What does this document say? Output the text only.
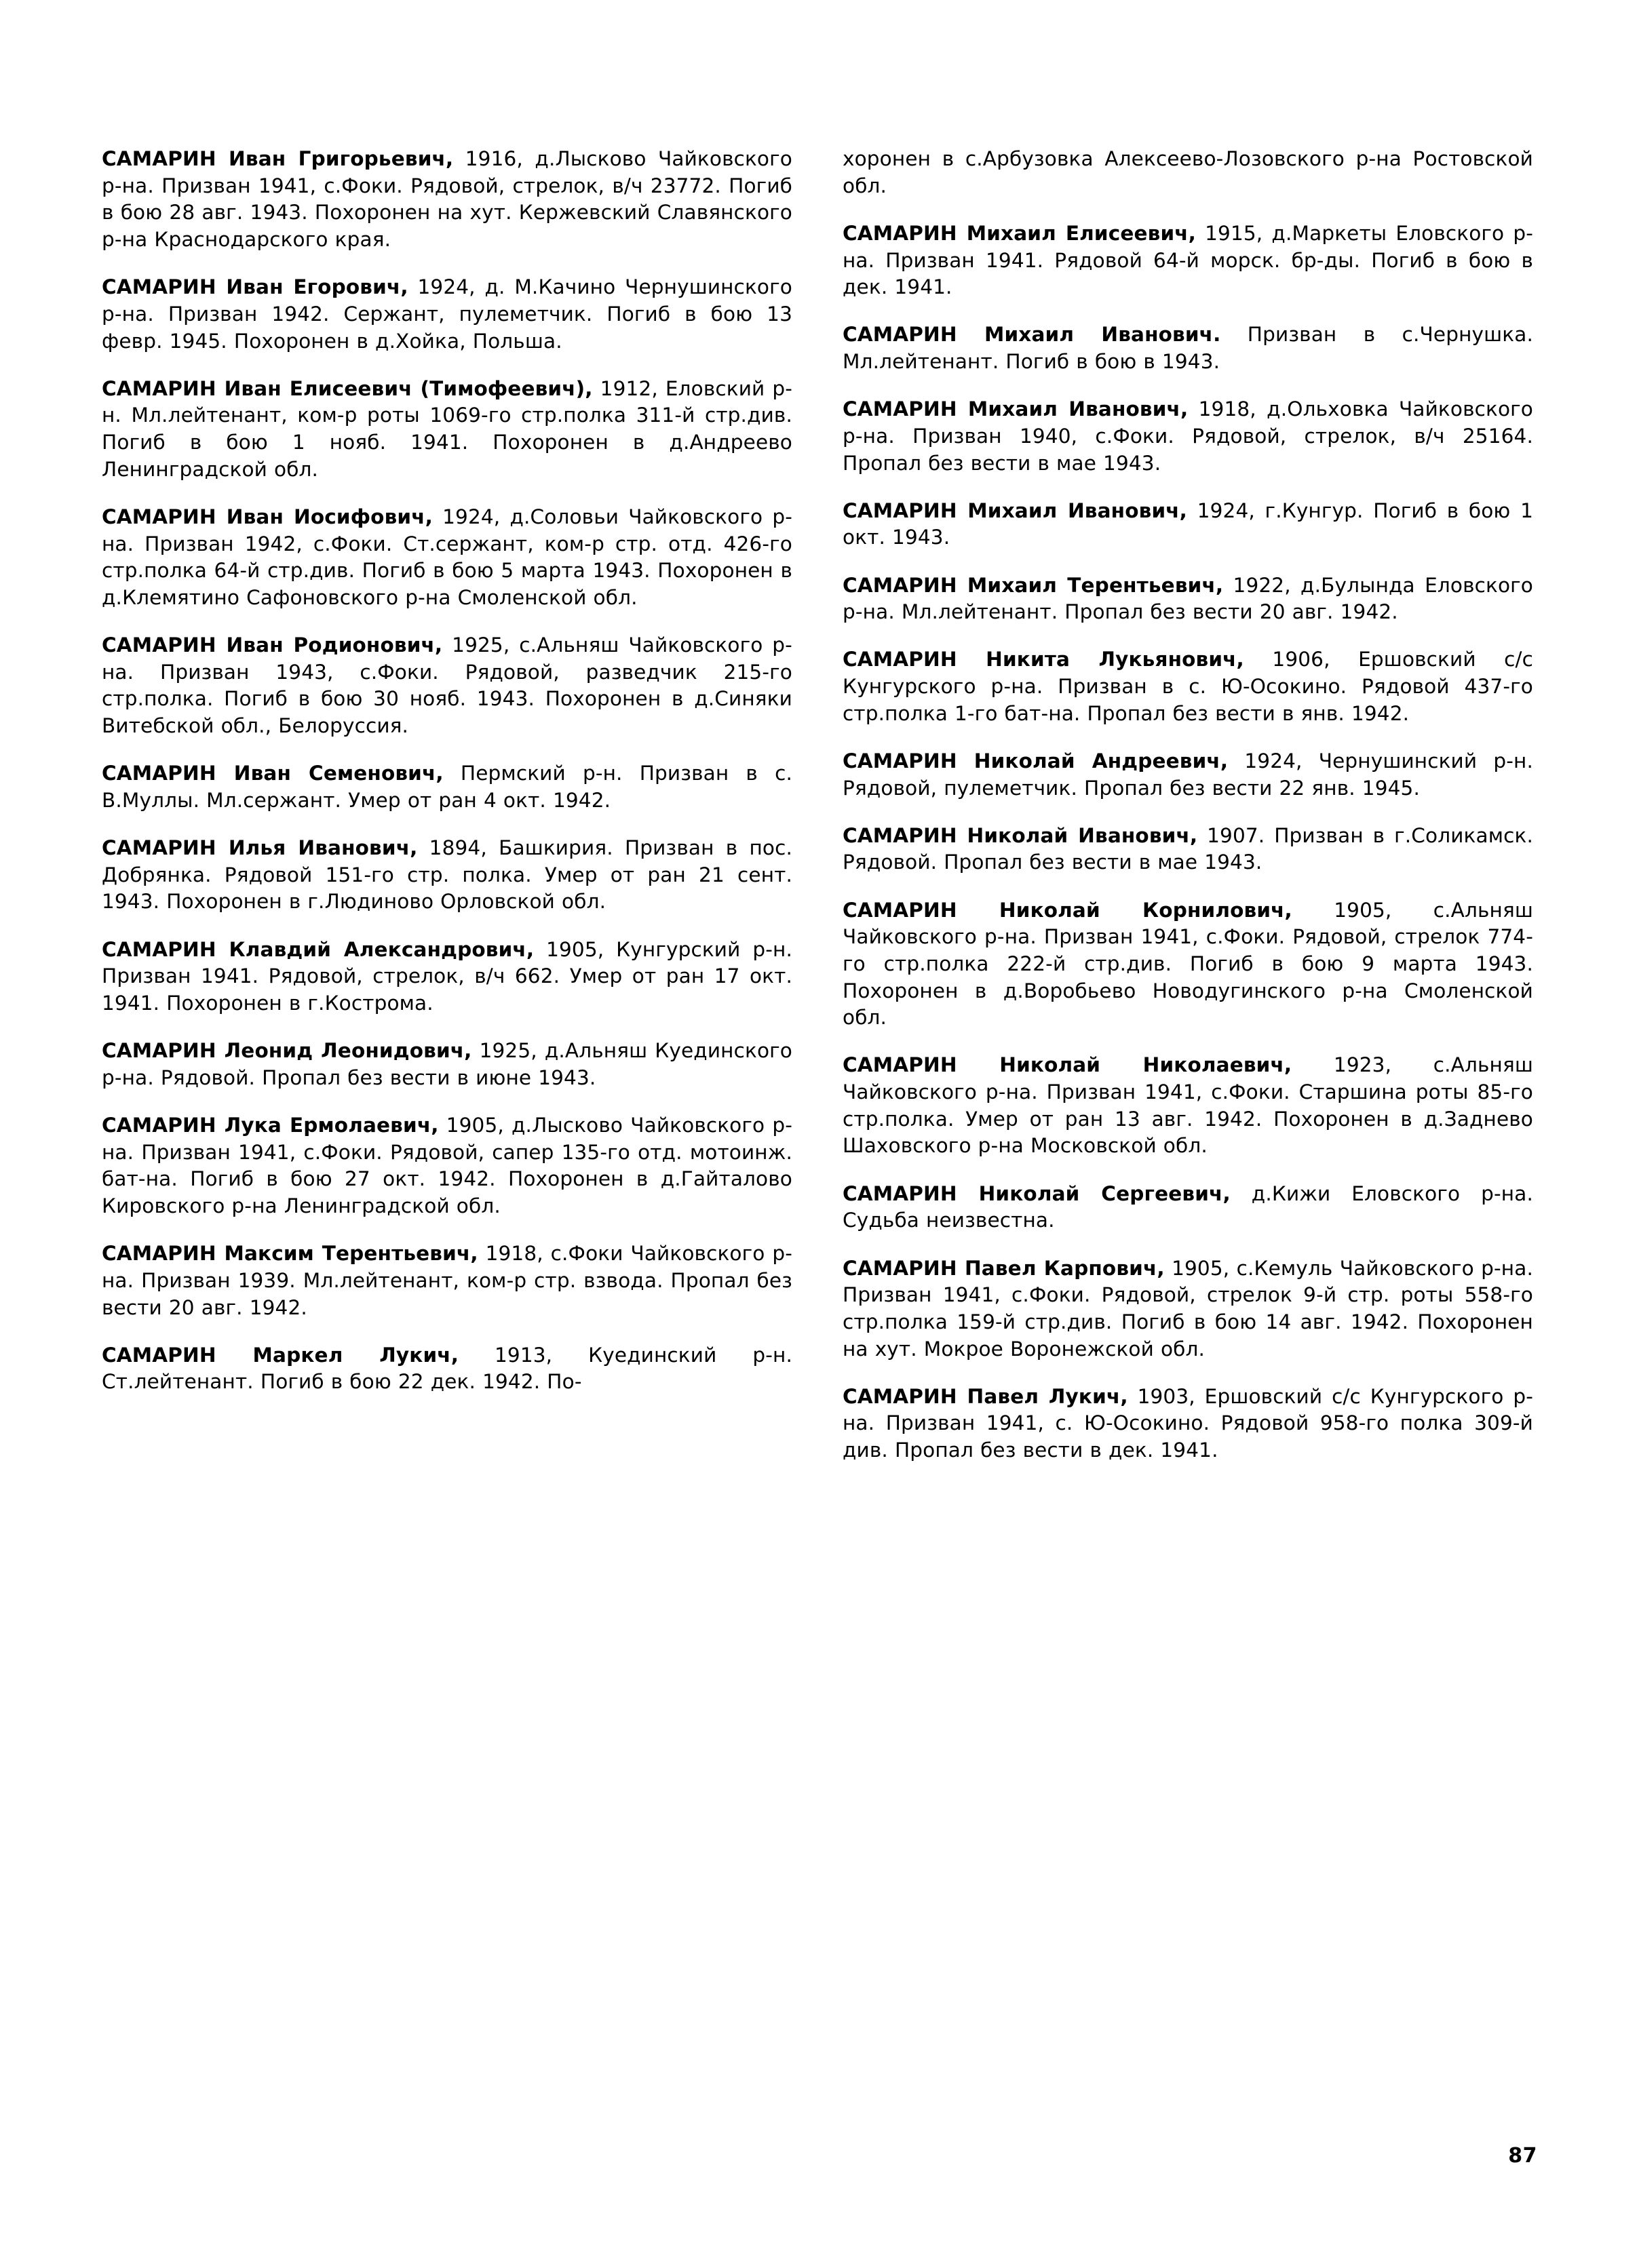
САМАРИН Иван Григорьевич, 1916, д.Лысково Чайковского р-на. Призван 1941, с.Фоки. Рядовой, стрелок, в/ч 23772. Погиб в бою 28 авг. 1943. Похоронен на хут. Кержевский Славянского р-на Краснодарского края.

САМАРИН Иван Егорович, 1924, д. М.Качино Чернушинского р-на. Призван 1942. Сержант, пулеметчик. Погиб в бою 13 февр. 1945. Похоронен в д.Хойка, Польша.

САМАРИН Иван Елисеевич (Тимофеевич), 1912, Еловский р-н. Мл.лейтенант, ком-р роты 1069-го стр.полка 311-й стр.див. Погиб в бою 1 нояб. 1941. Похоронен в д.Андреево Ленинградской обл.

САМАРИН Иван Иосифович, 1924, д.Соловьи Чайковского р-на. Призван 1942, с.Фоки. Ст.сержант, ком-р стр. отд. 426-го стр.полка 64-й стр.див. Погиб в бою 5 марта 1943. Похоронен в д.Клемятино Сафоновского р-на Смоленской обл.

САМАРИН Иван Родионович, 1925, с.Альняш Чайковского р-на. Призван 1943, с.Фоки. Рядовой, разведчик 215-го стр.полка. Погиб в бою 30 нояб. 1943. Похоронен в д.Синяки Витебской обл., Белоруссия.

САМАРИН Иван Семенович, Пермский р-н. Призван в с. В.Муллы. Мл.сержант. Умер от ран 4 окт. 1942.

САМАРИН Илья Иванович, 1894, Башкирия. Призван в пос. Добрянка. Рядовой 151-го стр. полка. Умер от ран 21 сент. 1943. Похоронен в г.Людиново Орловской обл.

САМАРИН Клавдий Александрович, 1905, Кунгурский р-н. Призван 1941. Рядовой, стрелок, в/ч 662. Умер от ран 17 окт. 1941. Похоронен в г.Кострома.

САМАРИН Леонид Леонидович, 1925, д.Альняш Куединского р-на. Рядовой. Пропал без вести в июне 1943.

САМАРИН Лука Ермолаевич, 1905, д.Лысково Чайковского р-на. Призван 1941, с.Фоки. Рядовой, сапер 135-го отд. мотоинж. бат-на. Погиб в бою 27 окт. 1942. Похоронен в д.Гайталово Кировского р-на Ленинградской обл.

САМАРИН Максим Терентьевич, 1918, с.Фоки Чайковского р-на. Призван 1939. Мл.лейтенант, ком-р стр. взвода. Пропал без вести 20 авг. 1942.

САМАРИН Маркел Лукич, 1913, Куединский р-н. Ст.лейтенант. Погиб в бою 22 дек. 1942. По-

хоронен в с.Арбузовка Алексеево-Лозовского р-на Ростовской обл.

САМАРИН Михаил Елисеевич, 1915, д.Маркеты Еловского р-на. Призван 1941. Рядовой 64-й морск. бр-ды. Погиб в бою в дек. 1941.

САМАРИН Михаил Иванович. Призван в с.Чернушка. Мл.лейтенант. Погиб в бою в 1943.

САМАРИН Михаил Иванович, 1918, д.Ольховка Чайковского р-на. Призван 1940, с.Фоки. Рядовой, стрелок, в/ч 25164. Пропал без вести в мае 1943.

САМАРИН Михаил Иванович, 1924, г.Кунгур. Погиб в бою 1 окт. 1943.

САМАРИН Михаил Терентьевич, 1922, д.Булында Еловского р-на. Мл.лейтенант. Пропал без вести 20 авг. 1942.

САМАРИН Никита Лукьянович, 1906, Ершовский с/с Кунгурского р-на. Призван в с. Ю-Осокино. Рядовой 437-го стр.полка 1-го бат-на. Пропал без вести в янв. 1942.

САМАРИН Николай Андреевич, 1924, Чернушинский р-н. Рядовой, пулеметчик. Пропал без вести 22 янв. 1945.

САМАРИН Николай Иванович, 1907. Призван в г.Соликамск. Рядовой. Пропал без вести в мае 1943.

САМАРИН Николай Корнилович, 1905, с.Альняш Чайковского р-на. Призван 1941, с.Фоки. Рядовой, стрелок 774-го стр.полка 222-й стр.див. Погиб в бою 9 марта 1943. Похоронен в д.Воробьево Новодугинского р-на Смоленской обл.

САМАРИН Николай Николаевич, 1923, с.Альняш Чайковского р-на. Призван 1941, с.Фоки. Старшина роты 85-го стр.полка. Умер от ран 13 авг. 1942. Похоронен в д.Заднево Шаховского р-на Московской обл.

САМАРИН Николай Сергеевич, д.Кижи Еловского р-на. Судьба неизвестна.

САМАРИН Павел Карпович, 1905, с.Кемуль Чайковского р-на. Призван 1941, с.Фоки. Рядовой, стрелок 9-й стр. роты 558-го стр.полка 159-й стр.див. Погиб в бою 14 авг. 1942. Похоронен на хут. Мокрое Воронежской обл.

САМАРИН Павел Лукич, 1903, Ершовский с/с Кунгурского р-на. Призван 1941, с. Ю-Осокино. Рядовой 958-го полка 309-й див. Пропал без вести в дек. 1941.

87
